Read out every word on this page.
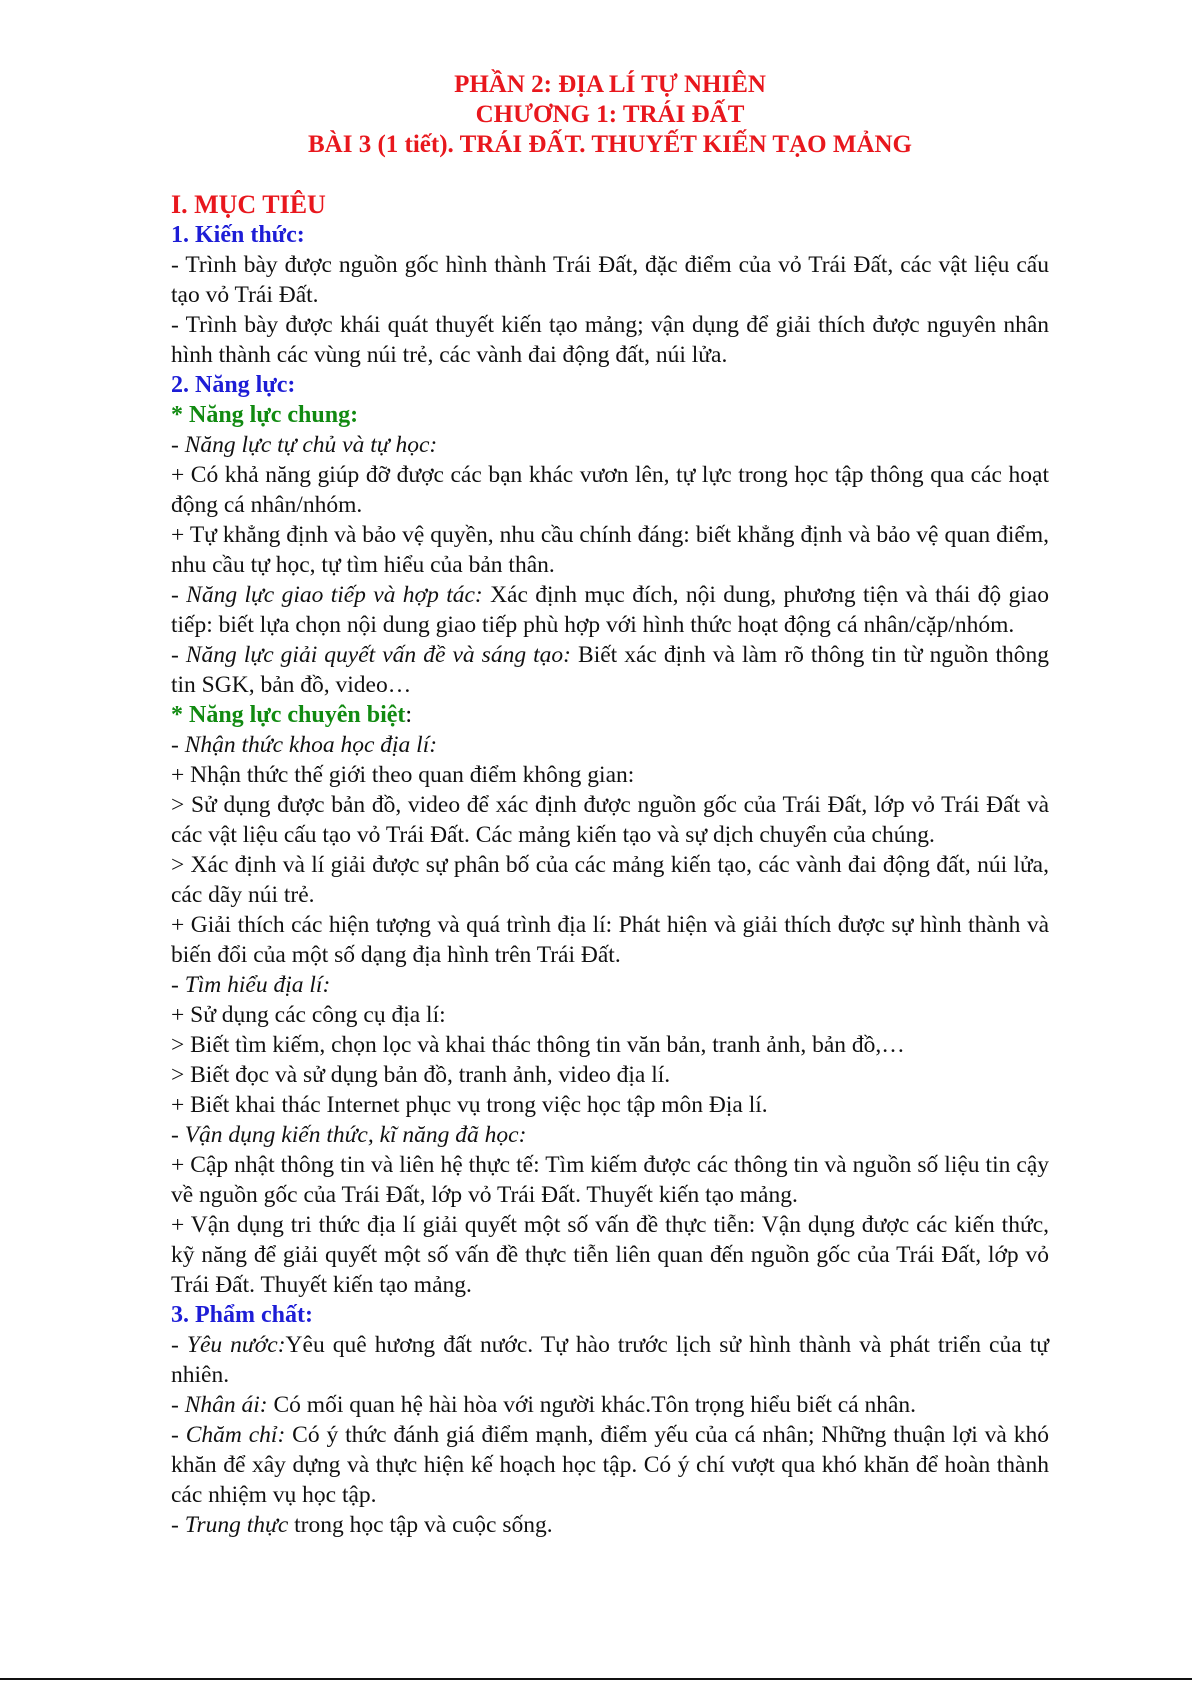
PHẦN 2: ĐỊA LÍ TỰ NHIÊN
CHƯƠNG 1: TRÁI ĐẤT
BÀI 3 (1 tiết). TRÁI ĐẤT. THUYẾT KIẾN TẠO MẢNG
I. MỤC TIÊU
1. Kiến thức:

- Trình bày được nguồn gốc hình thành Trái Đất, đặc điểm của vỏ Trái Đất, các vật liệu cấu tạo vỏ Trái Đất.

- Trình bày được khái quát thuyết kiến tạo mảng; vận dụng để giải thích được nguyên nhân hình thành các vùng núi trẻ, các vành đai động đất, núi lửa.

2. Năng lực:
* Năng lực chung:

- Năng lực tự chủ và tự học:

+ Có khả năng giúp đỡ được các bạn khác vươn lên, tự lực trong học tập thông qua các hoạt động cá nhân/nhóm.

+ Tự khẳng định và bảo vệ quyền, nhu cầu chính đáng: biết khẳng định và bảo vệ quan điểm, nhu cầu tự học, tự tìm hiểu của bản thân.

- Năng lực giao tiếp và hợp tác: Xác định mục đích, nội dung, phương tiện và thái độ giao tiếp: biết lựa chọn nội dung giao tiếp phù hợp với hình thức hoạt động cá nhân/cặp/nhóm.

- Năng lực giải quyết vấn đề và sáng tạo: Biết xác định và làm rõ thông tin từ nguồn thông tin SGK, bản đồ, video…

* Năng lực chuyên biệt:

- Nhận thức khoa học địa lí:

+ Nhận thức thế giới theo quan điểm không gian:

> Sử dụng được bản đồ, video để xác định được nguồn gốc của Trái Đất, lớp vỏ Trái Đất và các vật liệu cấu tạo vỏ Trái Đất. Các mảng kiến tạo và sự dịch chuyển của chúng.

> Xác định và lí giải được sự phân bố của các mảng kiến tạo, các vành đai động đất, núi lửa, các dãy núi trẻ.

+ Giải thích các hiện tượng và quá trình địa lí: Phát hiện và giải thích được sự hình thành và biến đổi của một số dạng địa hình trên Trái Đất.

- Tìm hiểu địa lí:

+ Sử dụng các công cụ địa lí:

> Biết tìm kiếm, chọn lọc và khai thác thông tin văn bản, tranh ảnh, bản đồ,…

> Biết đọc và sử dụng bản đồ, tranh ảnh, video địa lí.

+ Biết khai thác Internet phục vụ trong việc học tập môn Địa lí.

- Vận dụng kiến thức, kĩ năng đã học:

+ Cập nhật thông tin và liên hệ thực tế: Tìm kiếm được các thông tin và nguồn số liệu tin cậy về nguồn gốc của Trái Đất, lớp vỏ Trái Đất. Thuyết kiến tạo mảng.

+ Vận dụng tri thức địa lí giải quyết một số vấn đề thực tiễn: Vận dụng được các kiến thức, kỹ năng để giải quyết một số vấn đề thực tiễn liên quan đến nguồn gốc của Trái Đất, lớp vỏ Trái Đất. Thuyết kiến tạo mảng.

3. Phẩm chất:

- Yêu nước:Yêu quê hương đất nước. Tự hào trước lịch sử hình thành và phát triển của tự nhiên.

- Nhân ái: Có mối quan hệ hài hòa với người khác.Tôn trọng hiểu biết cá nhân.

- Chăm chỉ: Có ý thức đánh giá điểm mạnh, điểm yếu của cá nhân; Những thuận lợi và khó khăn để xây dựng và thực hiện kế hoạch học tập. Có ý chí vượt qua khó khăn để hoàn thành các nhiệm vụ học tập.

- Trung thực trong học tập và cuộc sống.
